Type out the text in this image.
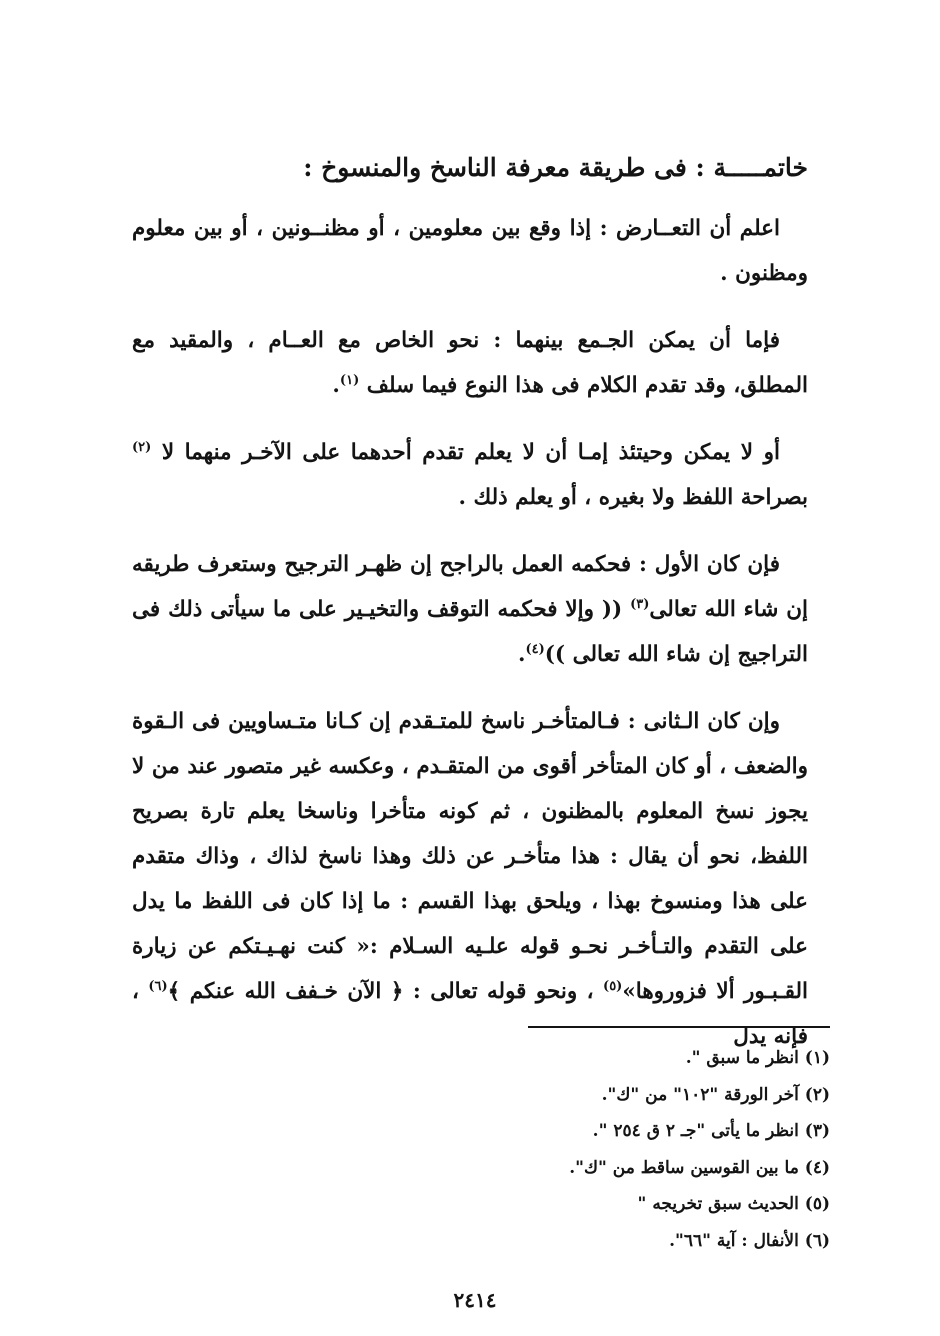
خاتمـــــة : فى طريقة معرفة الناسخ والمنسوخ :

اعلم أن التعــارض : إذا وقع بين معلومين ، أو مظنــونين ، أو بين معلوم ومظنون .

فإما أن يمكن الجـمع بينهما : نحو الخاص مع العــام ، والمقيد مع المطلق، وقد تقدم الكلام فى هذا النوع فيما سلف $^{(١)}$.

أو لا يمكن وحيتئذ إمـا أن لا يعلم تقدم أحدهما على الآخـر منهما لا $^{(٢)}$ بصراحة اللفظ ولا بغيره ، أو يعلم ذلك .

فإن كان الأول : فحكمه العمل بالراجح إن ظهـر الترجيح وستعرف طريقه إن شاء الله تعالى$^{(٣)}$ (( وإلا فحكمه التوقف والتخيـير على ما سيأتى ذلك فى التراجيج إن شاء الله تعالى ))$^{(٤)}$.

وإن كان الـثانى : فـالمتأخـر ناسخ للمتـقدم إن كـانا متـساويين فى الـقوة والضعف ، أو كان المتأخر أقوى من المتقـدم ، وعكسه غير متصور عند من لا يجوز نسخ المعلوم بالمظنون ، ثم كونه متأخرا وناسخا يعلم تارة بصريح اللفظ، نحو أن يقال : هذا متأخـر عن ذلك وهذا ناسخ لذاك ، وذاك متقدم على هذا ومنسوخ بهذا ، ويلحق بهذا القسم : ما إذا كان فى اللفظ ما يدل على التقدم والتـأخـر نحـو قوله علـيه السـلام :« كنت نهـيـتكم عن زيارة القـبـور ألا فزوروها»$^{(٥)}$ ، ونحو قوله تعالى : ﴿ الآن خـفف الله عنكم ﴾$^{(٦)}$ ، فإنه يدل

(١) انظر ما سبق ".
(٢) آخر الورقة "١٠٢" من "ك".
(٣) انظر ما يأتى "جـ ٢ ق ٢٥٤ ".
(٤) ما بين القوسين ساقط من "ك".
(٥) الحديث سبق تخريجه "
(٦) الأنفال : آية "٦٦".
٢٤١٤
